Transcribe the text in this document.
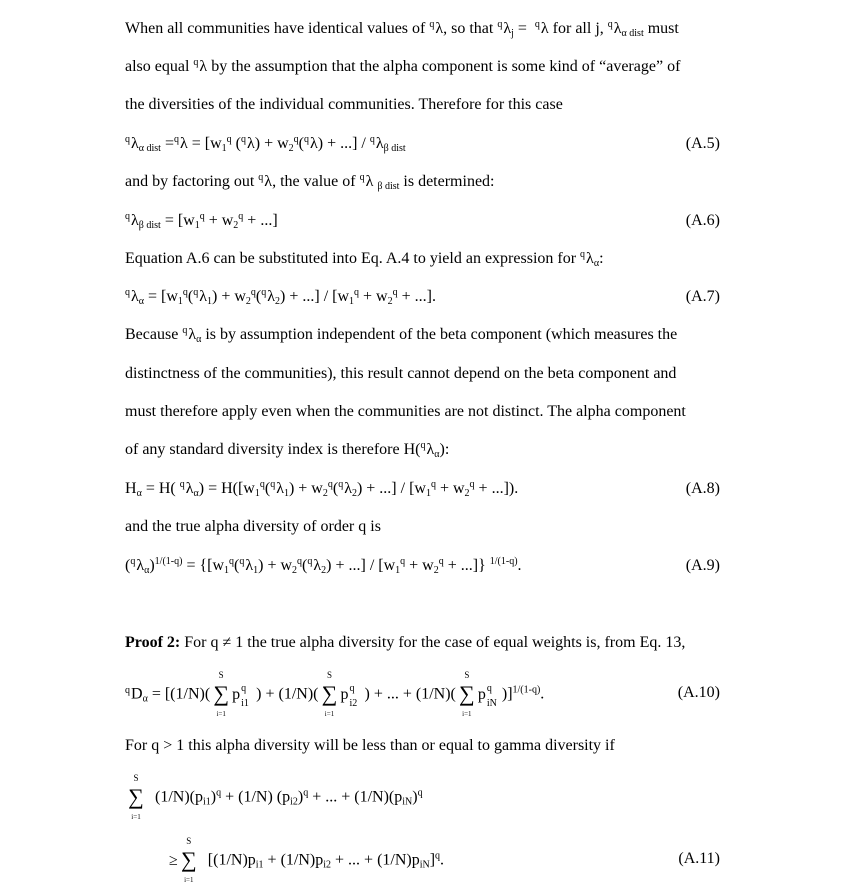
When all communities have identical values of $^q$λ, so that $^q\lambda_j = ^q\lambda$ for all j, $^q\lambda_{\alpha dist}$ must
also equal $^q$λ by the assumption that the alpha component is some kind of “average” of
the diversities of the individual communities. Therefore for this case
$^q\lambda_{\alpha dist} =^q\lambda = [w_1^q$ $(^q\lambda) + w_2^q(^q\lambda)$ + ...] / $^q\lambda_{\beta dist}$	(A.5)
and by factoring out $^q$λ, the value of $^q$λ $_{\beta dist}$ is determined:
$^q\lambda_{\beta dist} = [w_1^q + w_2^q$ + ...]	(A.6)
Equation A.6 can be substituted into Eq. A.4 to yield an expression for $^q\lambda_\alpha$:
$^q\lambda_\alpha = [w_1^q(^q\lambda_1) + w_2^q(^q\lambda_2)$ + ...] / [$w_1^q + w_2^q$ + ...].	(A.7)
Because $^q\lambda_\alpha$ is by assumption independent of the beta component (which measures the
distinctness of the communities), this result cannot depend on the beta component and
must therefore apply even when the communities are not distinct. The alpha component
of any standard diversity index is therefore $H(^q\lambda_\alpha)$:
$H_\alpha = H$( $^q\lambda_\alpha) = H([w_1^q(^q\lambda_1) + w_2^q(^q\lambda_2)$ + ...] / [$w_1^q + w_2^q$ + ...]).	(A.8)
and the true alpha diversity of order q is
$(^q\lambda_\alpha)^{1/(1-q)} = \{[w_1^q(^q\lambda_1) + w_2^q(^q\lambda_2)$ + ...] / [$w_1^q + w_2^q$ + ...]} $^{1/(1-q)}$.	(A.9)
Proof 2: For q ≠ 1 the true alpha diversity for the case of equal weights is, from Eq. 13,
$^qD_\alpha = [(1/N)$(
S
∑
i=1
p q
i1
) + (1/N)(
S
∑
i=1
p q
i2
) + ... + (1/N)(
S
∑
i=1
p q
iN
)]$^{1/(1-q)}$.	(A.10)
For q > 1 this alpha diversity will be less than or equal to gamma diversity if
S
∑
i=1
$(1/N)(p_{i1})^q + (1/N) (p_{i2})^q$ + ... + $(1/N)(p_{iN})^q$
≥
S
∑
i=1
[$(1/N)p_{i1} + (1/N)p_{i2}$ + ... + $(1/N)p_{iN}]^q$.	(A.11)
